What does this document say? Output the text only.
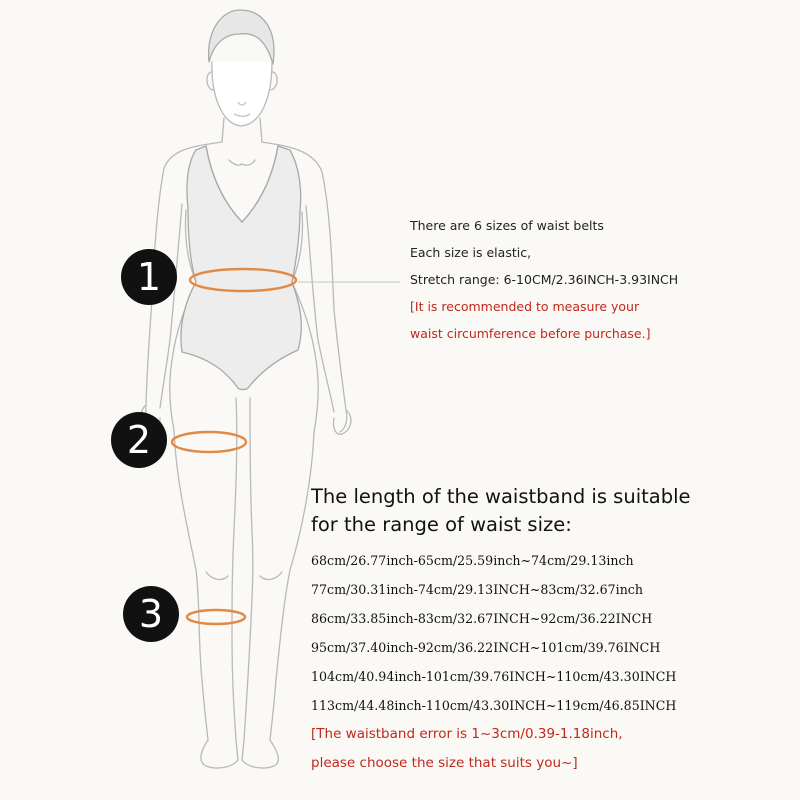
1
2
3
There are 6 sizes of waist belts
Each size is elastic,
Stretch range: 6-10CM/2.36INCH-3.93INCH
[It is recommended to measure your
waist circumference before purchase.]
The length of the waistband is suitable
for the range of waist size:
68cm/26.77inch-65cm/25.59inch~74cm/29.13inch
77cm/30.31inch-74cm/29.13INCH~83cm/32.67inch
86cm/33.85inch-83cm/32.67INCH~92cm/36.22INCH
95cm/37.40inch-92cm/36.22INCH~101cm/39.76INCH
104cm/40.94inch-101cm/39.76INCH~110cm/43.30INCH
113cm/44.48inch-110cm/43.30INCH~119cm/46.85INCH
[The waistband error is 1~3cm/0.39-1.18inch,
please choose the size that suits you~]
